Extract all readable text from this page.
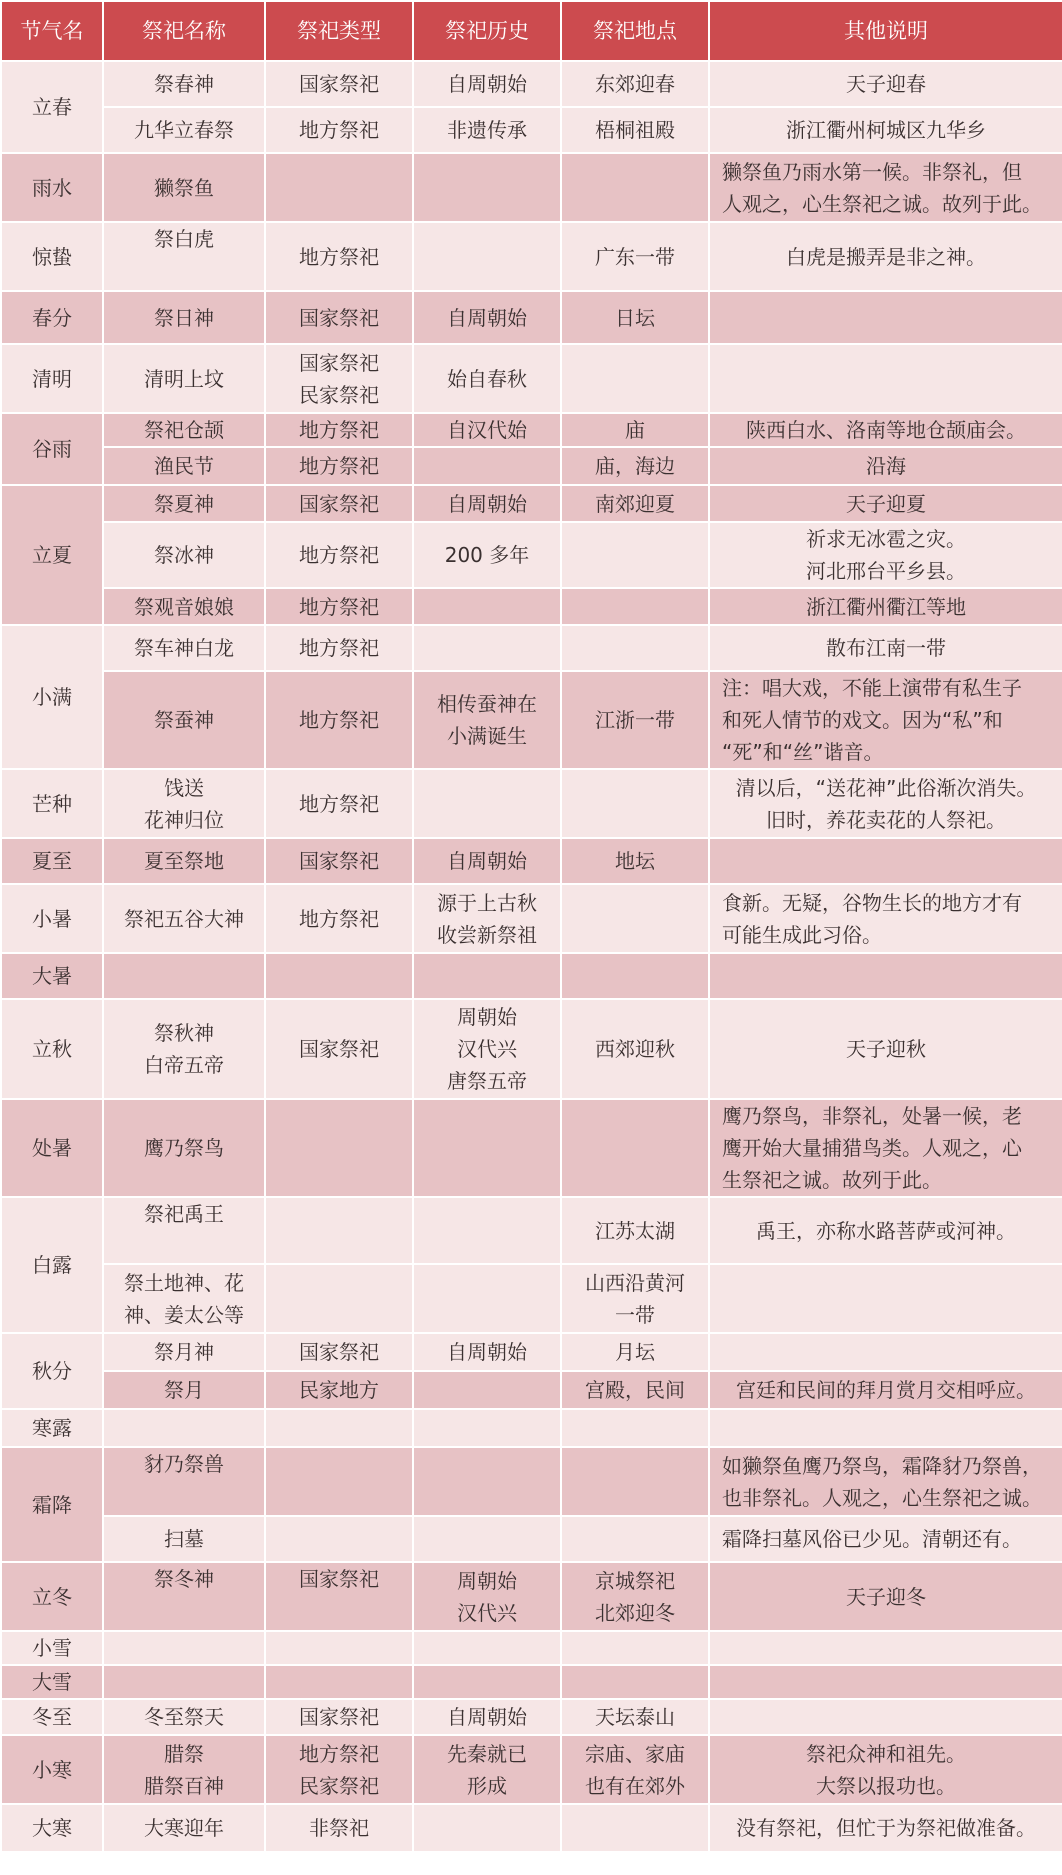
节气名	祭祀名称	祭祀类型	祭祀历史	祭祀地点	其他说明
立春	祭春神	国家祭祀	自周朝始	东郊迎春	天子迎春

	九华立春祭	地方祭祀	非遗传承	梧桐祖殿	浙江衢州柯城区九华乡

雨水	獭祭鱼				獭祭鱼乃雨水第一候。非祭礼，但
人观之，心生祭祀之诚。故列于此。

惊蛰	祭白虎	地方祭祀		广东一带	白虎是搬弄是非之神。

春分	祭日神	国家祭祀	自周朝始	日坛	

清明	清明上坟	国家祭祀
民家祭祀	始自春秋		

谷雨	祭祀仓颉	地方祭祀	自汉代始	庙	陕西白水、洛南等地仓颉庙会。

	渔民节	地方祭祀		庙，海边	沿海

立夏	祭夏神	国家祭祀	自周朝始	南郊迎夏	天子迎夏

	祭冰神	地方祭祀	200 多年		祈求无冰雹之灾。
河北邢台平乡县。

	祭观音娘娘	地方祭祀			浙江衢州衢江等地

小满	祭车神白龙	地方祭祀			散布江南一带

	祭蚕神	地方祭祀	相传蚕神在
小满诞生	江浙一带	注：唱大戏，不能上演带有私生子
和死人情节的戏文。因为“私”和
“死”和“丝”谐音。

芒种	饯送
花神归位	地方祭祀			清以后，“送花神”此俗渐次消失。
旧时，养花卖花的人祭祀。

夏至	夏至祭地	国家祭祀	自周朝始	地坛	

小暑	祭祀五谷大神	地方祭祀	源于上古秋
收尝新祭祖		食新。无疑，谷物生长的地方才有
可能生成此习俗。

大暑					
立秋	祭秋神
白帝五帝	国家祭祀	周朝始
汉代兴
唐祭五帝	西郊迎秋	天子迎秋

处暑	鹰乃祭鸟				鹰乃祭鸟，非祭礼，处暑一候，老
鹰开始大量捕猎鸟类。人观之，心
生祭祀之诚。故列于此。

白露	祭祀禹王			江苏太湖	禹王，亦称水路菩萨或河神。

	祭土地神、花
神、姜太公等			山西沿黄河
一带	

秋分	祭月神	国家祭祀	自周朝始	月坛	

	祭月	民家地方		宫殿，民间	宫廷和民间的拜月赏月交相呼应。

寒露					
霜降	豺乃祭兽				如獭祭鱼鹰乃祭鸟，霜降豺乃祭兽，
也非祭礼。人观之，心生祭祀之诚。

	扫墓				霜降扫墓风俗已少见。清朝还有。

立冬	祭冬神	国家祭祀	周朝始
汉代兴	京城祭祀
北郊迎冬	天子迎冬

小雪					
大雪					
冬至	冬至祭天	国家祭祀	自周朝始	天坛泰山	

小寒	腊祭
腊祭百神	地方祭祀
民家祭祀	先秦就已
形成	宗庙、家庙
也有在郊外	祭祀众神和祖先。
大祭以报功也。

大寒	大寒迎年	非祭祀			没有祭祀，但忙于为祭祀做准备。
